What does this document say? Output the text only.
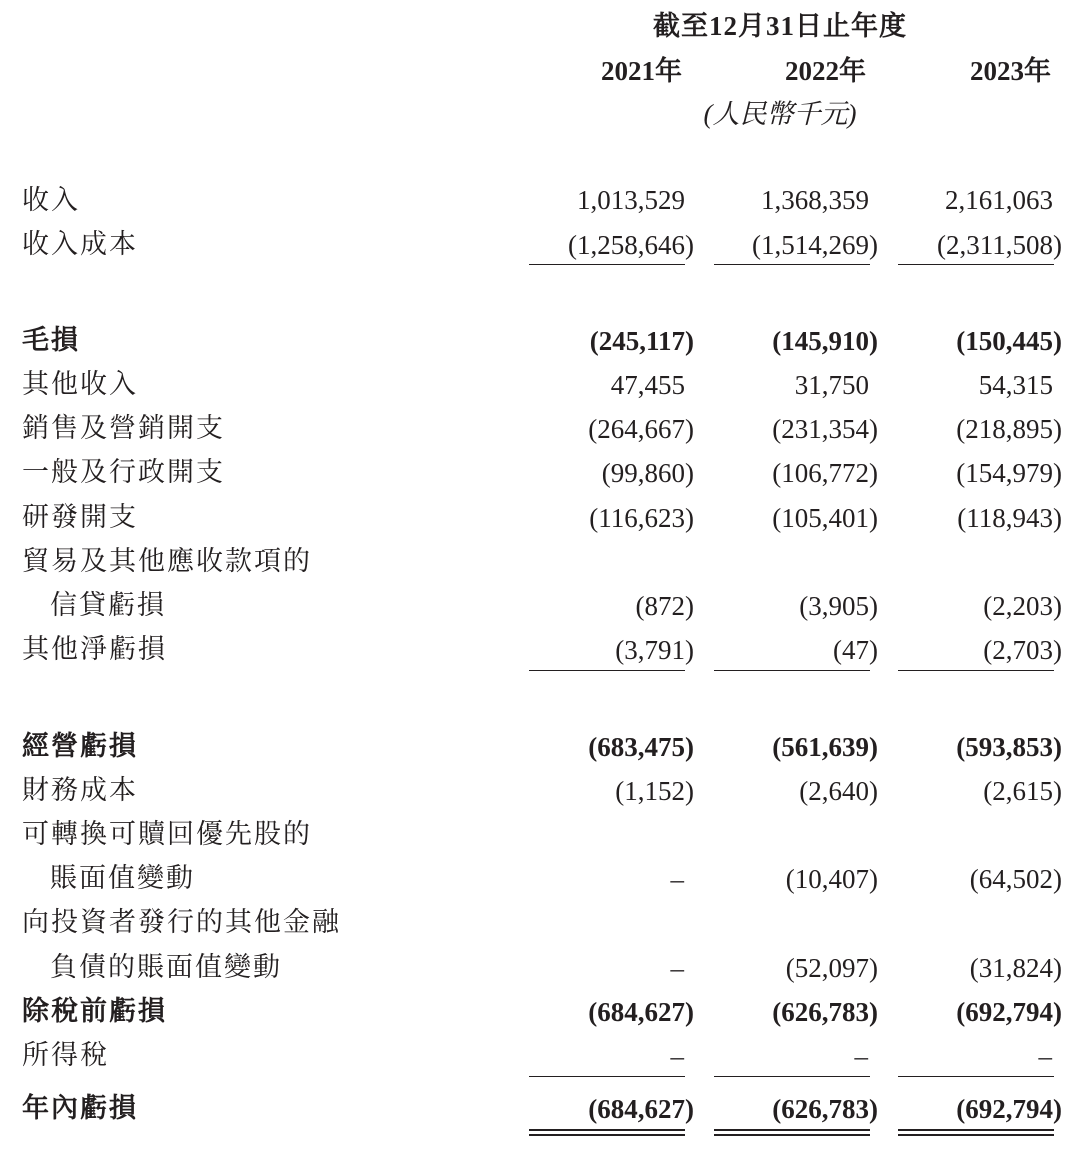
截至12月31日止年度
2021年	2022年	2023年
(人民幣千元)
收入	1,013,529	1,368,359	2,161,063
收入成本	(1,258,646)	(1,514,269)	(2,311,508)
毛損	(245,117)	(145,910)	(150,445)
其他收入	47,455	31,750	54,315
銷售及營銷開支	(264,667)	(231,354)	(218,895)
一般及行政開支	(99,860)	(106,772)	(154,979)
研發開支	(116,623)	(105,401)	(118,943)
貿易及其他應收款項的
信貸虧損	(872)	(3,905)	(2,203)
其他淨虧損	(3,791)	(47)	(2,703)
經營虧損	(683,475)	(561,639)	(593,853)
財務成本	(1,152)	(2,640)	(2,615)
可轉換可贖回優先股的
賬面值變動	–	(10,407)	(64,502)
向投資者發行的其他金融
負債的賬面值變動	–	(52,097)	(31,824)
除稅前虧損	(684,627)	(626,783)	(692,794)
所得稅	–	–	–
年內虧損	(684,627)	(626,783)	(692,794)
